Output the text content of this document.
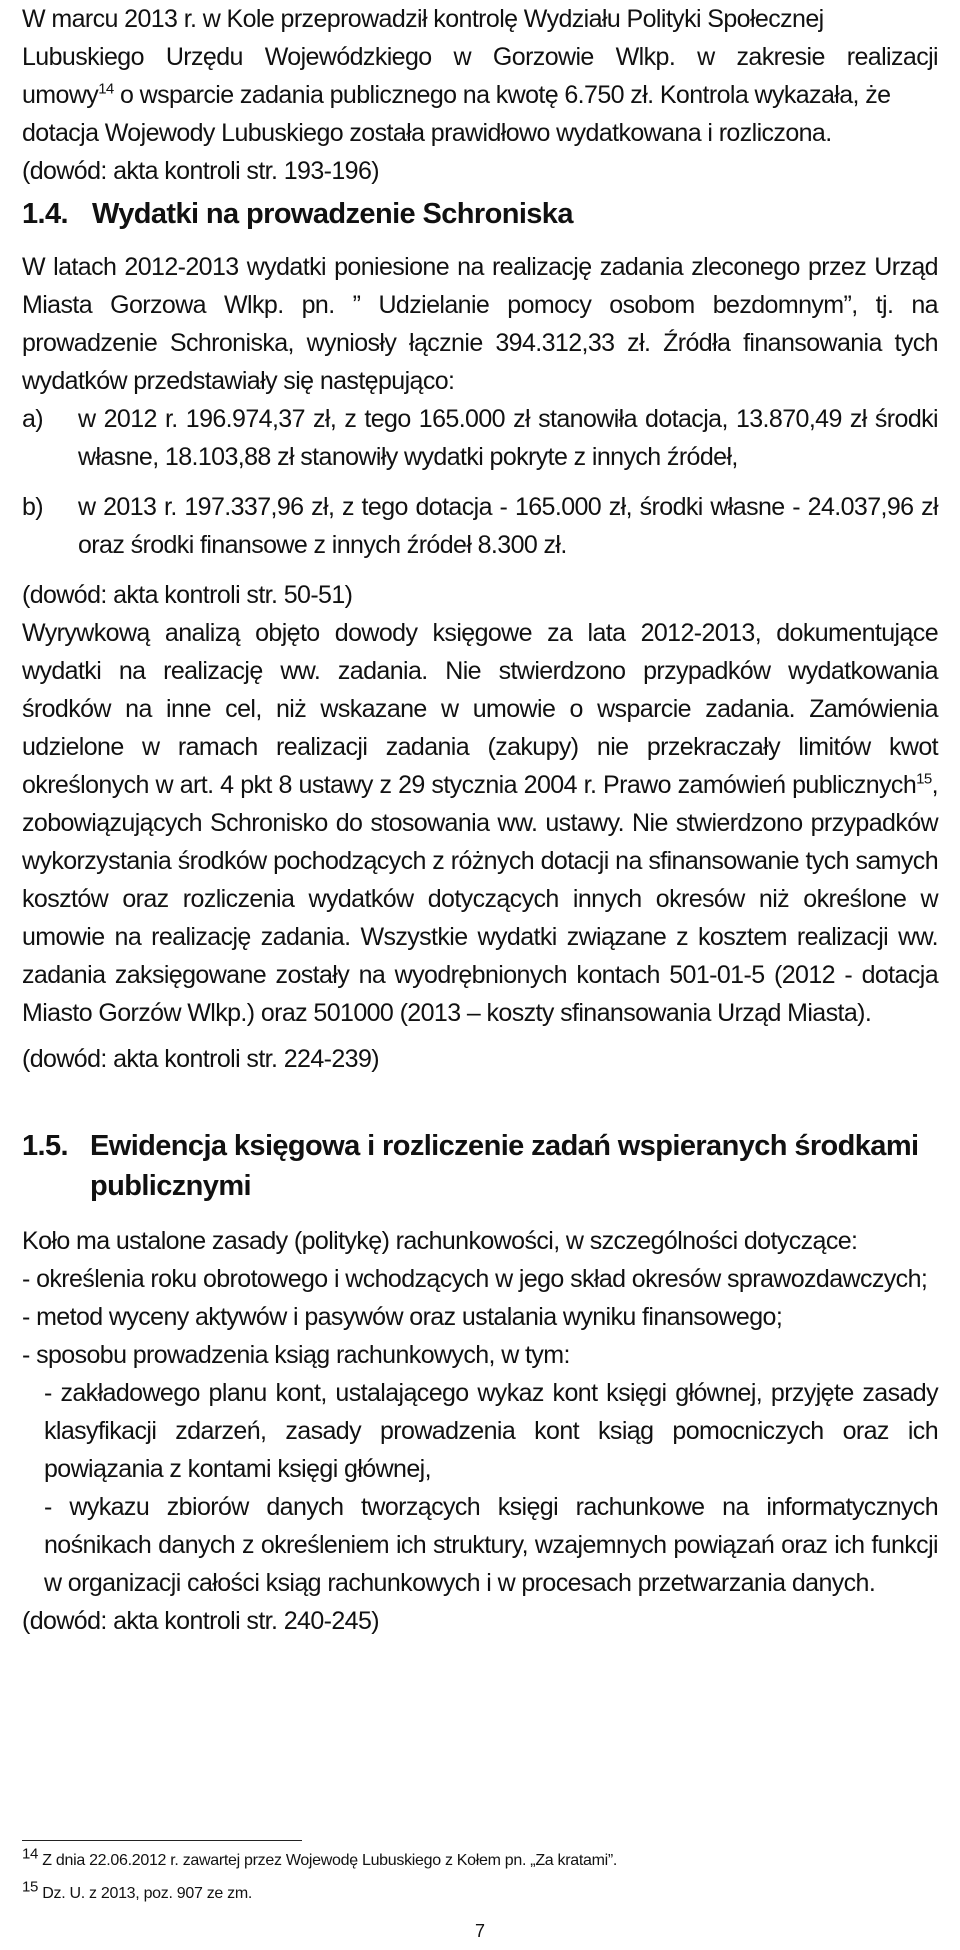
W marcu 2013 r. w Kole przeprowadził kontrolę Wydziału Polityki Społecznej

Lubuskiego Urzędu Wojewódzkiego w Gorzowie Wlkp. w zakresie realizacji

umowy$^{14}$ o wsparcie zadania publicznego na kwotę 6.750 zł. Kontrola wykazała, że

dotacja Wojewody Lubuskiego została prawidłowo wydatkowana i rozliczona.

(dowód: akta kontroli str. 193-196)

1.4. Wydatki na prowadzenie Schroniska

W latach 2012-2013 wydatki poniesione na realizację zadania zleconego przez Urząd Miasta Gorzowa Wlkp. pn. ” Udzielanie pomocy osobom bezdomnym”, tj. na prowadzenie Schroniska, wyniosły łącznie 394.312,33 zł. Źródła finansowania tych wydatków przedstawiały się następująco:

a)	w 2012 r. 196.974,37 zł, z tego 165.000 zł stanowiła dotacja, 13.870,49 zł środki własne, 18.103,88 zł stanowiły wydatki pokryte z innych źródeł,
b)	w 2013 r. 197.337,96 zł, z tego dotacja - 165.000 zł, środki własne - 24.037,96 zł oraz środki finansowe z innych źródeł 8.300 zł.

(dowód: akta kontroli str. 50-51)

Wyrywkową analizą objęto dowody księgowe za lata 2012-2013, dokumentujące wydatki na realizację ww. zadania. Nie stwierdzono przypadków wydatkowania środków na inne cel, niż wskazane w umowie o wsparcie zadania. Zamówienia udzielone w ramach realizacji zadania (zakupy) nie przekraczały limitów kwot określonych w art. 4 pkt 8 ustawy z 29 stycznia 2004 r. Prawo zamówień publicznych$^{15}$, zobowiązujących Schronisko do stosowania ww. ustawy. Nie stwierdzono przypadków wykorzystania środków pochodzących z różnych dotacji na sfinansowanie tych samych kosztów oraz rozliczenia wydatków dotyczących innych okresów niż określone w umowie na realizację zadania. Wszystkie wydatki związane z kosztem realizacji ww. zadania zaksięgowane zostały na wyodrębnionych kontach 501-01-5 (2012 - dotacja Miasto Gorzów Wlkp.) oraz 501000 (2013 – koszty sfinansowania Urząd Miasta).

(dowód: akta kontroli str. 224-239)

1.5. Ewidencja księgowa i rozliczenie zadań wspieranych środkami publicznymi

Koło ma ustalone zasady (politykę) rachunkowości, w szczególności dotyczące:

- określenia roku obrotowego i wchodzących w jego skład okresów sprawozdawczych;

- metod wyceny aktywów i pasywów oraz ustalania wyniku finansowego;

- sposobu prowadzenia ksiąg rachunkowych, w tym:

- zakładowego planu kont, ustalającego wykaz kont księgi głównej, przyjęte zasady klasyfikacji zdarzeń, zasady prowadzenia kont ksiąg pomocniczych oraz ich powiązania z kontami księgi głównej,

- wykazu zbiorów danych tworzących księgi rachunkowe na informatycznych nośnikach danych z określeniem ich struktury, wzajemnych powiązań oraz ich funkcji w organizacji całości ksiąg rachunkowych i w procesach przetwarzania danych.

(dowód: akta kontroli str. 240-245)

$^{14}$ Z dnia 22.06.2012 r. zawartej przez Wojewodę Lubuskiego z Kołem pn. „Za kratami”.

$^{15}$ Dz. U. z 2013, poz. 907 ze zm.

7
